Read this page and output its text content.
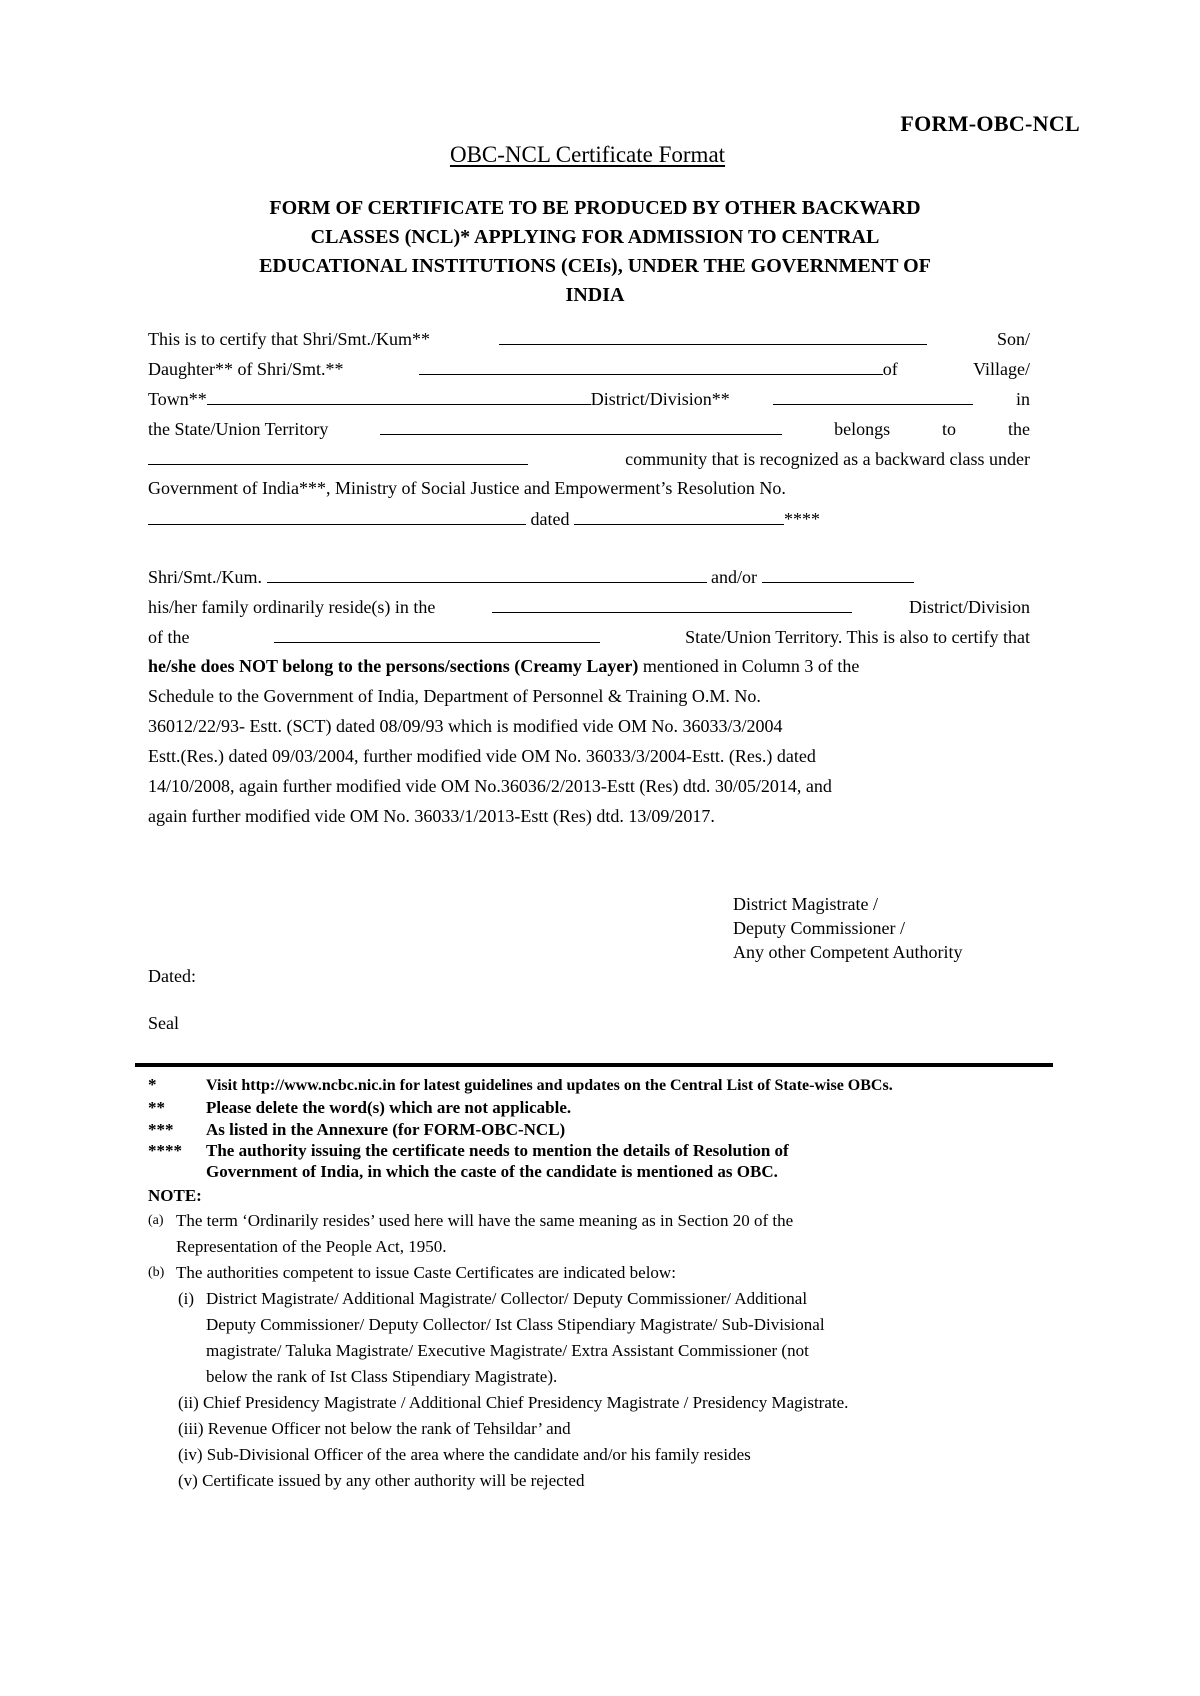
FORM-OBC-NCL
OBC-NCL Certificate Format
FORM OF CERTIFICATE TO BE PRODUCED BY OTHER BACKWARD
CLASSES (NCL)* APPLYING FOR ADMISSION TO CENTRAL
EDUCATIONAL INSTITUTIONS (CEIs), UNDER THE GOVERNMENT OF
INDIA
This is to certify that Shri/Smt./Kum**	Son/
Daughter** of Shri/Smt.**	of	Village/
Town**	District/Division**	in
the State/Union Territory	belongs	to	the
community that is recognized as a backward class under
Government of India***, Ministry of Social Justice and Empowerment’s Resolution No.
dated	****
Shri/Smt./Kum.	and/or
his/her family ordinarily reside(s) in the	District/Division
of the	State/Union Territory. This is also to certify that
he/she does NOT belong to the persons/sections (Creamy Layer) mentioned in Column 3 of the
Schedule to the Government of India, Department of Personnel & Training O.M. No.
36012/22/93- Estt. (SCT) dated 08/09/93 which is modified vide OM No. 36033/3/2004
Estt.(Res.) dated 09/03/2004, further modified vide OM No. 36033/3/2004-Estt. (Res.) dated
14/10/2008, again further modified vide OM No.36036/2/2013-Estt (Res) dtd. 30/05/2014, and
again further modified vide OM No. 36033/1/2013-Estt (Res) dtd. 13/09/2017.
District Magistrate /
Deputy Commissioner /
Any other Competent Authority
Dated:
Seal
*	Visit http://www.ncbc.nic.in for latest guidelines and updates on the Central List of State-wise OBCs.
** Please delete the word(s) which are not applicable.
*** As listed in the Annexure (for FORM-OBC-NCL)
**** The authority issuing the certificate needs to mention the details of Resolution of
Government of India, in which the caste of the candidate is mentioned as OBC.
NOTE:
(a) The term ‘Ordinarily resides’ used here will have the same meaning as in Section 20 of the
Representation of the People Act, 1950.
(b) The authorities competent to issue Caste Certificates are indicated below:
(i) District Magistrate/ Additional Magistrate/ Collector/ Deputy Commissioner/ Additional
Deputy Commissioner/ Deputy Collector/ Ist Class Stipendiary Magistrate/ Sub-Divisional
magistrate/ Taluka Magistrate/ Executive Magistrate/ Extra Assistant Commissioner (not
below the rank of Ist Class Stipendiary Magistrate).
(ii) Chief Presidency Magistrate / Additional Chief Presidency Magistrate / Presidency Magistrate.
(iii) Revenue Officer not below the rank of Tehsildar’ and
(iv) Sub-Divisional Officer of the area where the candidate and/or his family resides
(v) Certificate issued by any other authority will be rejected
